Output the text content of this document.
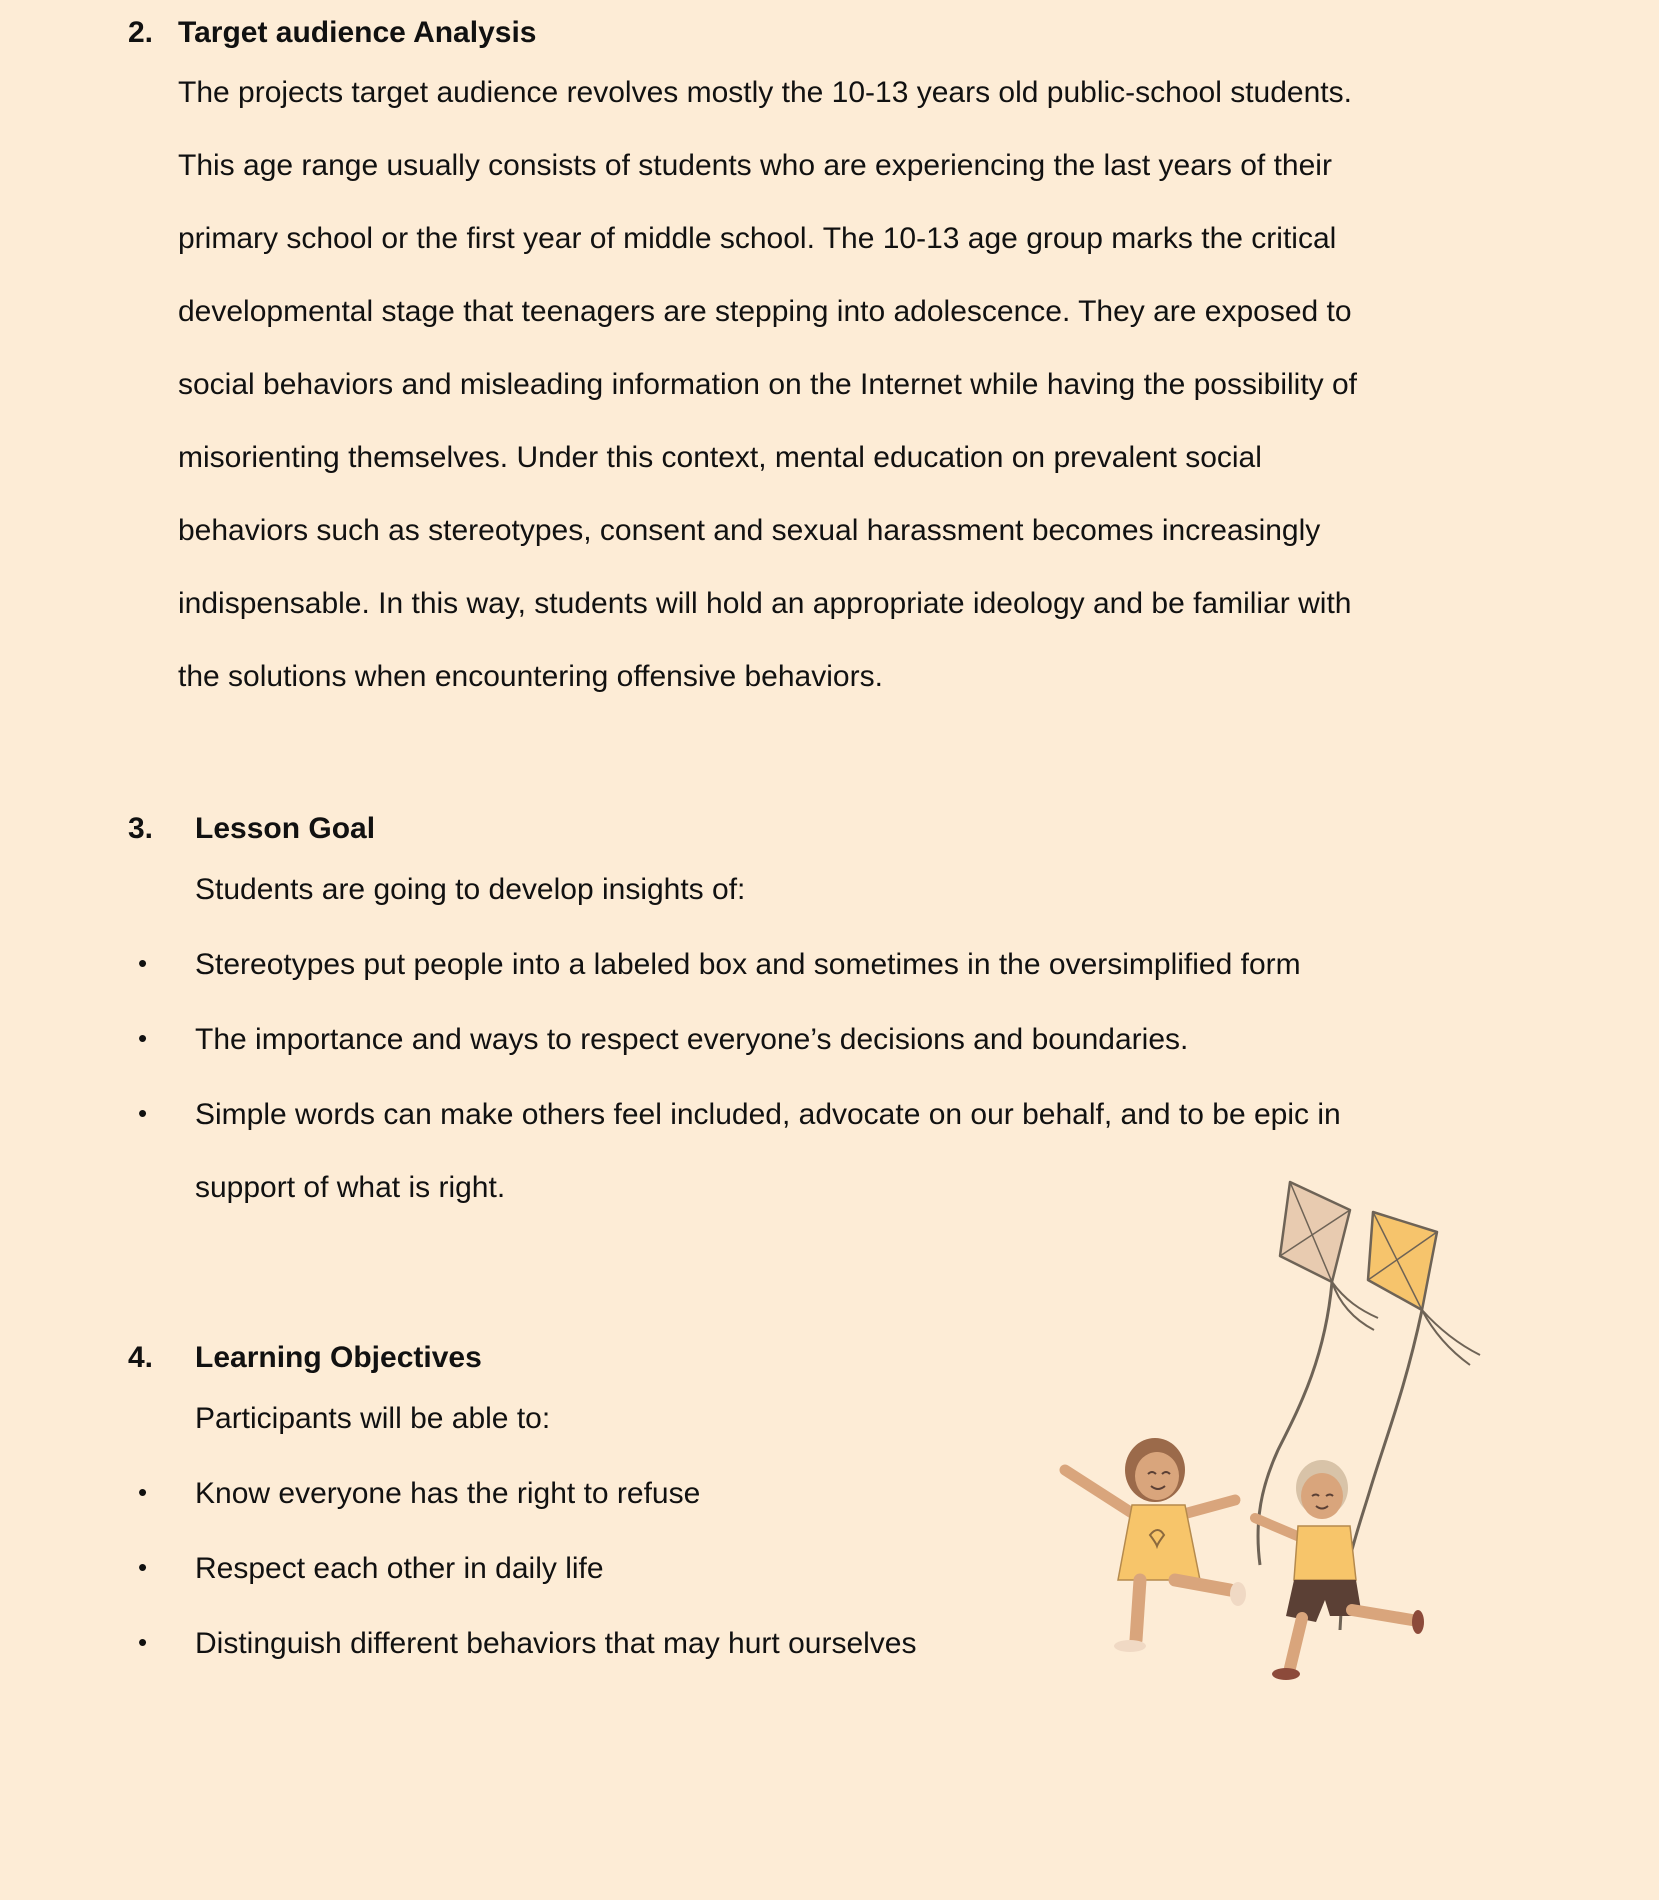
2. Target audience Analysis
The projects target audience revolves mostly the 10-13 years old public-school students.
This age range usually consists of students who are experiencing the last years of their
primary school or the first year of middle school. The 10-13 age group marks the critical
developmental stage that teenagers are stepping into adolescence. They are exposed to
social behaviors and misleading information on the Internet while having the possibility of
misorienting themselves. Under this context, mental education on prevalent social
behaviors such as stereotypes, consent and sexual harassment becomes increasingly
indispensable. In this way, students will hold an appropriate ideology and be familiar with
the solutions when encountering offensive behaviors.
3. Lesson Goal
Students are going to develop insights of:
• Stereotypes put people into a labeled box and sometimes in the oversimplified form
• The importance and ways to respect everyone’s decisions and boundaries.
• Simple words can make others feel included, advocate on our behalf, and to be epic in
support of what is right.
4. Learning Objectives
Participants will be able to:
• Know everyone has the right to refuse
• Respect each other in daily life
• Distinguish different behaviors that may hurt ourselves
